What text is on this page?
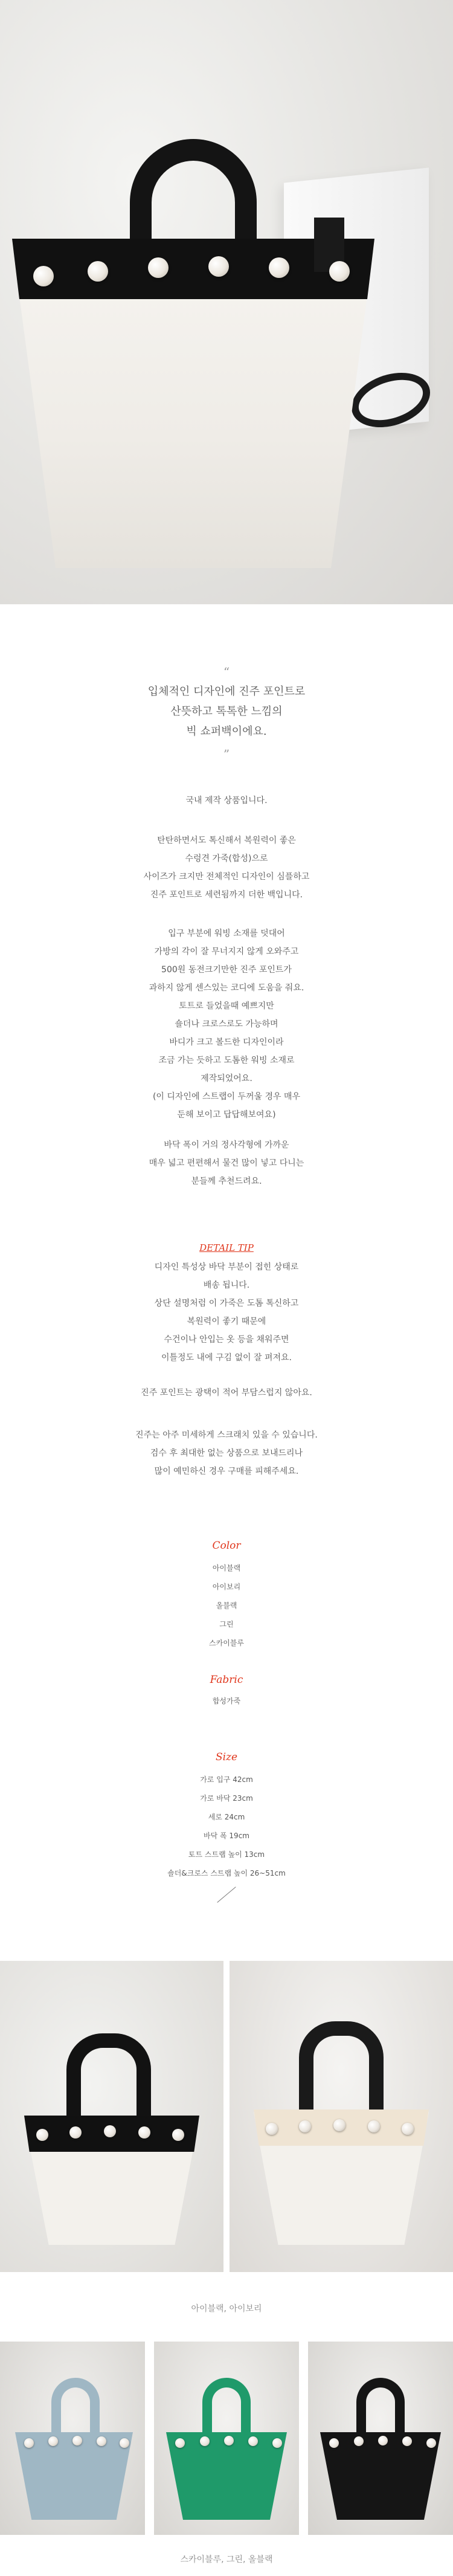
“
입체적인 디자인에 진주 포인트로
산뜻하고 톡톡한 느낌의
빅 쇼퍼백이에요.
”

국내 제작 상품입니다.

탄탄하면서도 톡신해서 복원력이 좋은

수렁견 가죽(합성)으로

사이즈가 크지만 전체적인 디자인이 심플하고

진주 포인트로 세련됨까지 더한 백입니다.

입구 부분에 워빙 소재를 덧대어

가방의 각이 잘 무너지지 않게 오와주고

500원 동전크기만한 진주 포인트가

과하지 않게 센스있는 코디에 도움을 줘요.

토트로 들었을때 예쁘지만

숄더나 크로스로도 가능하며

바디가 크고 볼드한 디자인이라

조금 가는 듯하고 도톰한 워빙 소재로

제작되었어요.

(이 디자인에 스트랩이 두꺼울 경우 매우

둔해 보이고 답답해보여요)

바닥 폭이 거의 정사각형에 가까운

매우 넓고 편편해서 물건 많이 넣고 다니는

분들께 추천드려요.

DETAIL TIP

디자인 특성상 바닥 부분이 접힌 상태로

배송 됩니다.

상단 설명처럼 이 가죽은 도톰 톡신하고

복원력이 좋기 때문에

수건이나 안입는 옷 등을 채워주면

이틀정도 내에 구김 없이 잘 펴져요.

진주 포인트는 광택이 적어 부담스럽지 않아요.

진주는 아주 미세하게 스크래치 있을 수 있습니다.

검수 후 최대한 없는 상품으로 보내드리나

많이 예민하신 경우 구매를 피해주세요.

Color
아이블랙
아이보리
올블랙
그린
스카이블루
Fabric
합성가죽
Size
가로 입구 42cm
가로 바닥 23cm
세로 24cm
바닥 폭 19cm
토트 스트랩 높이 13cm
숄더&크로스 스트랩 높이 26~51cm
아이블랙, 아이보리
스카이블루, 그린, 올블랙
